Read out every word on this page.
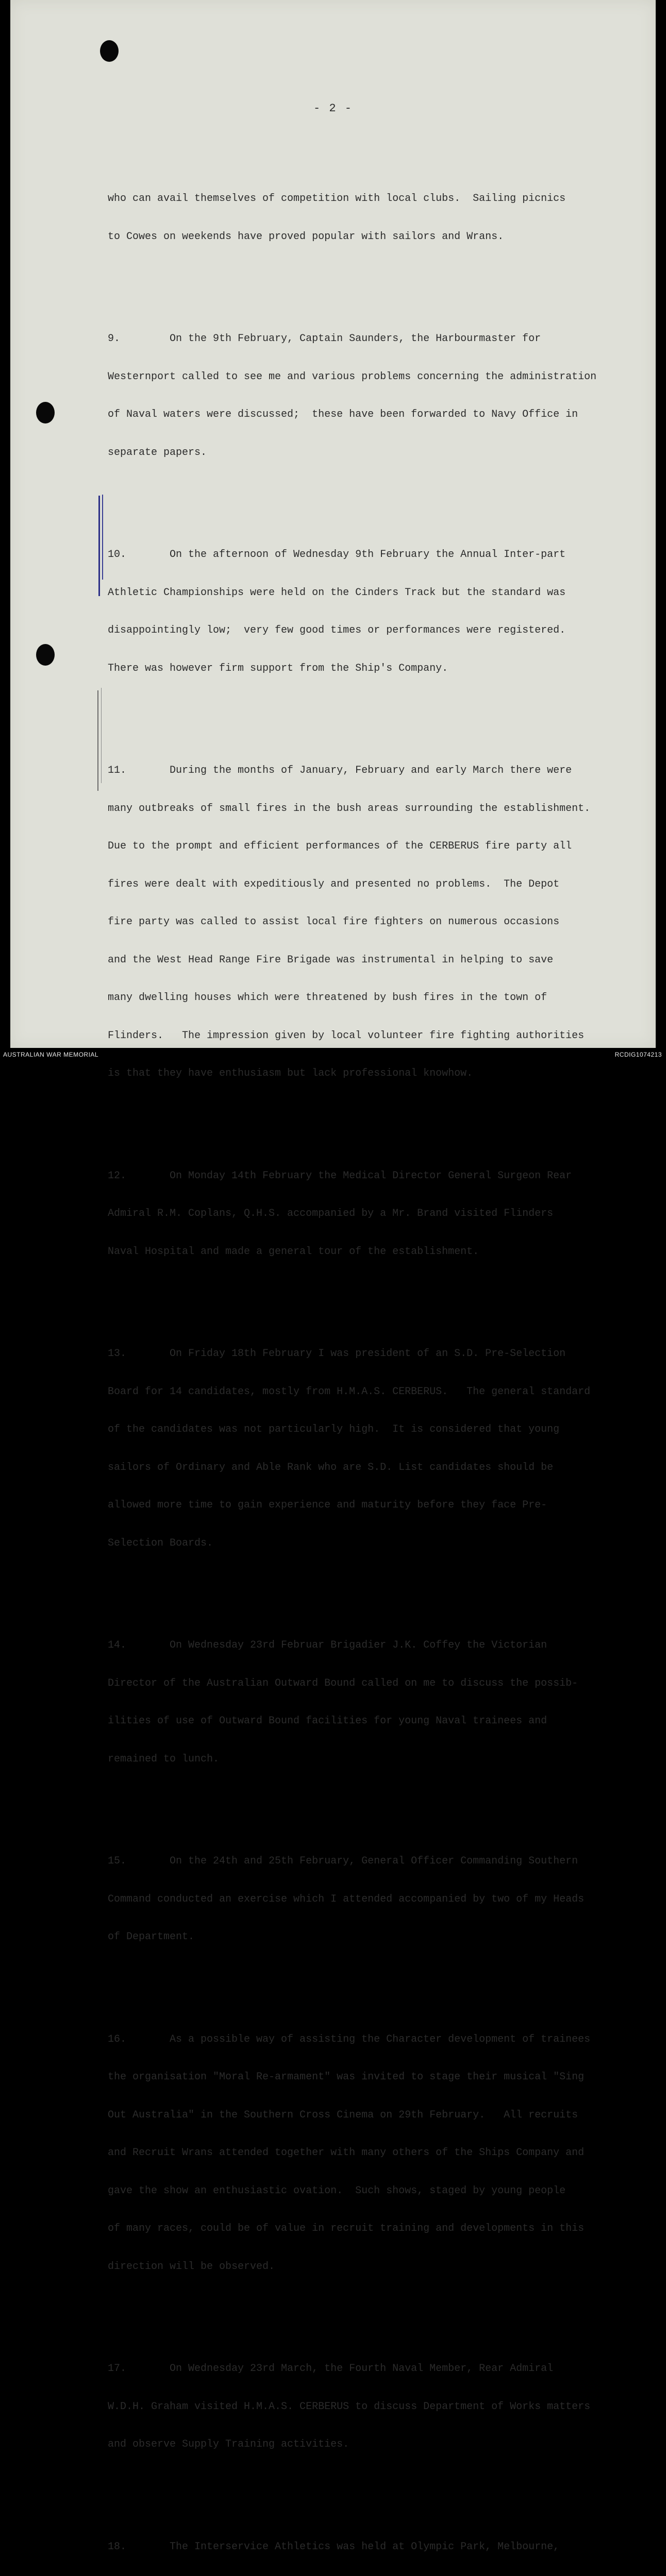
- 2 -

who can avail themselves of competition with local clubs.  Sailing picnics

to Cowes on weekends have proved popular with sailors and Wrans.

9.        On the 9th February, Captain Saunders, the Harbourmaster for

Westernport called to see me and various problems concerning the administration

of Naval waters were discussed;  these have been forwarded to Navy Office in

separate papers.

10.       On the afternoon of Wednesday 9th February the Annual Inter-part

Athletic Championships were held on the Cinders Track but the standard was

disappointingly low;  very few good times or performances were registered.

There was however firm support from the Ship's Company.

11.       During the months of January, February and early March there were

many outbreaks of small fires in the bush areas surrounding the establishment.

Due to the prompt and efficient performances of the CERBERUS fire party all

fires were dealt with expeditiously and presented no problems.  The Depot

fire party was called to assist local fire fighters on numerous occasions

and the West Head Range Fire Brigade was instrumental in helping to save

many dwelling houses which were threatened by bush fires in the town of

Flinders.   The impression given by local volunteer fire fighting authorities

is that they have enthusiasm but lack professional knowhow.

12.       On Monday 14th February the Medical Director General Surgeon Rear

Admiral R.M. Coplans, Q.H.S. accompanied by a Mr. Brand visited Flinders

Naval Hospital and made a general tour of the establishment.

13.       On Friday 18th February I was president of an S.D. Pre-Selection

Board for 14 candidates, mostly from H.M.A.S. CERBERUS.   The general standard

of the candidates was not particularly high.  It is considered that young

sailors of Ordinary and Able Rank who are S.D. List candidates should be

allowed more time to gain experience and maturity before they face Pre-

Selection Boards.

14.       On Wednesday 23rd Februar Brigadier J.K. Coffey the Victorian

Director of the Australian Outward Bound called on me to discuss the possib-

ilities of use of Outward Bound facilities for young Naval trainees and

remained to lunch.

15.       On the 24th and 25th February, General Officer Commanding Southern

Command conducted an exercise which I attended accompanied by two of my Heads

of Department.

16.       As a possible way of assisting the Character development of trainees

the organisation "Moral Re-armament" was invited to stage their musical "Sing

Out Australia" in the Southern Cross Cinema on 29th February.   All recruits

and Recruit Wrans attended together with many others of the Ships Company and

gave the show an enthusiastic ovation.  Such shows, staged by young people

of many races, could be of value in recruit training and developments in this

direction will be observed.

17.       On Wednesday 23rd March, the Fourth Naval Member, Rear Admiral

W.D.H. Graham visited H.M.A.S. CERBERUS to discuss Department of Works matters

and observe Supply Training activities.

18.       The Interservice Athletics was held at Olympic Park, Melbourne,

AUSTRALIAN WAR MEMORIAL	RCDIG1074213
